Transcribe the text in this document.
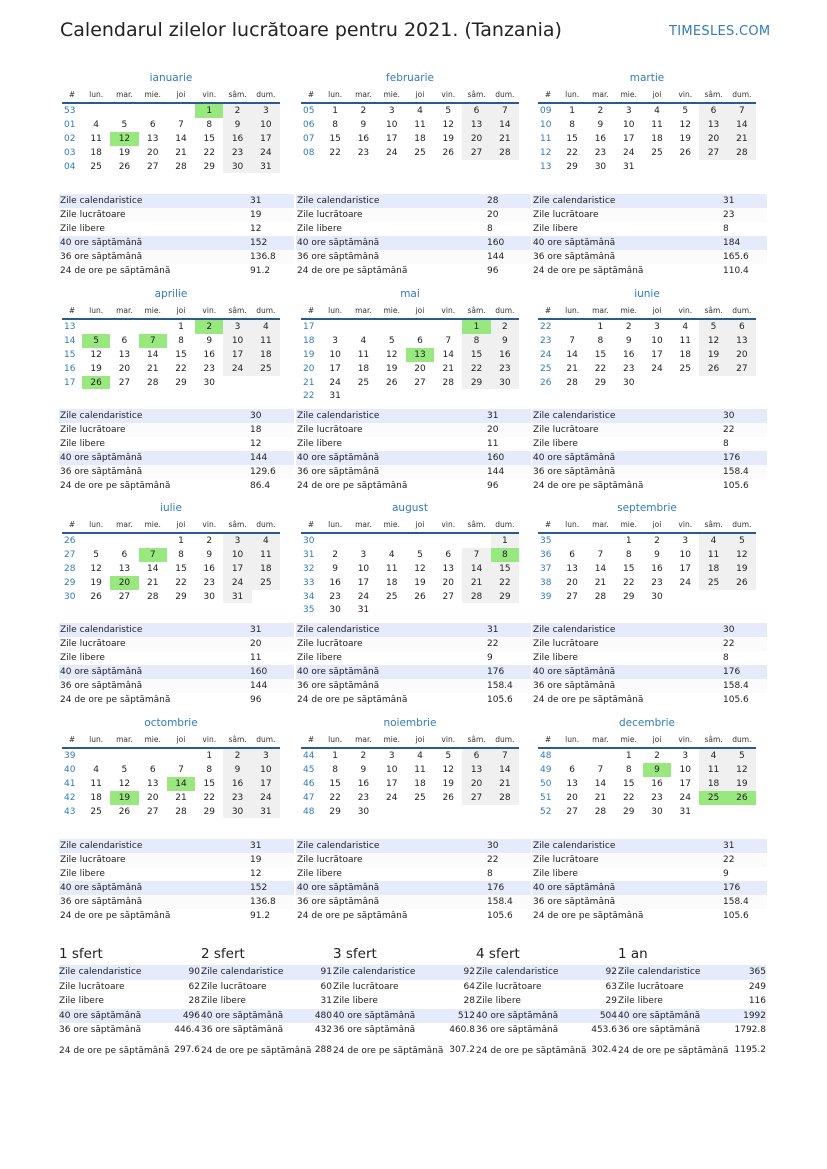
Calendarul zilelor lucrătoare pentru 2021. (Tanzania)	TIMESLES.COM
ianuarie
#	lun.	mar.	mie.	joi	vin.	sâm.	dum.
53					1	2	3
01	4	5	6	7	8	9	10
02	11	12	13	14	15	16	17
03	18	19	20	21	22	23	24
04	25	26	27	28	29	30	31
Zile calendaristice	31
Zile lucrătoare	19
Zile libere	12
40 ore săptămână	152
36 ore săptămână	136.8
24 de ore pe săptămână	91.2
februarie
#	lun.	mar.	mie.	joi	vin.	sâm.	dum.
05	1	2	3	4	5	6	7
06	8	9	10	11	12	13	14
07	15	16	17	18	19	20	21
08	22	23	24	25	26	27	28
Zile calendaristice	28
Zile lucrătoare	20
Zile libere	8
40 ore săptămână	160
36 ore săptămână	144
24 de ore pe săptămână	96
martie
#	lun.	mar.	mie.	joi	vin.	sâm.	dum.
09	1	2	3	4	5	6	7
10	8	9	10	11	12	13	14
11	15	16	17	18	19	20	21
12	22	23	24	25	26	27	28
13	29	30	31				
Zile calendaristice	31
Zile lucrătoare	23
Zile libere	8
40 ore săptămână	184
36 ore săptămână	165.6
24 de ore pe săptămână	110.4
aprilie
#	lun.	mar.	mie.	joi	vin.	sâm.	dum.
13				1	2	3	4
14	5	6	7	8	9	10	11
15	12	13	14	15	16	17	18
16	19	20	21	22	23	24	25
17	26	27	28	29	30		
Zile calendaristice	30
Zile lucrătoare	18
Zile libere	12
40 ore săptămână	144
36 ore săptămână	129.6
24 de ore pe săptămână	86.4
mai
#	lun.	mar.	mie.	joi	vin.	sâm.	dum.
17						1	2
18	3	4	5	6	7	8	9
19	10	11	12	13	14	15	16
20	17	18	19	20	21	22	23
21	24	25	26	27	28	29	30
22	31						
Zile calendaristice	31
Zile lucrătoare	20
Zile libere	11
40 ore săptămână	160
36 ore săptămână	144
24 de ore pe săptămână	96
iunie
#	lun.	mar.	mie.	joi	vin.	sâm.	dum.
22		1	2	3	4	5	6
23	7	8	9	10	11	12	13
24	14	15	16	17	18	19	20
25	21	22	23	24	25	26	27
26	28	29	30				
Zile calendaristice	30
Zile lucrătoare	22
Zile libere	8
40 ore săptămână	176
36 ore săptămână	158.4
24 de ore pe săptămână	105.6
iulie
#	lun.	mar.	mie.	joi	vin.	sâm.	dum.
26				1	2	3	4
27	5	6	7	8	9	10	11
28	12	13	14	15	16	17	18
29	19	20	21	22	23	24	25
30	26	27	28	29	30	31	
Zile calendaristice	31
Zile lucrătoare	20
Zile libere	11
40 ore săptămână	160
36 ore săptămână	144
24 de ore pe săptămână	96
august
#	lun.	mar.	mie.	joi	vin.	sâm.	dum.
30							1
31	2	3	4	5	6	7	8
32	9	10	11	12	13	14	15
33	16	17	18	19	20	21	22
34	23	24	25	26	27	28	29
35	30	31					
Zile calendaristice	31
Zile lucrătoare	22
Zile libere	9
40 ore săptămână	176
36 ore săptămână	158.4
24 de ore pe săptămână	105.6
septembrie
#	lun.	mar.	mie.	joi	vin.	sâm.	dum.
35			1	2	3	4	5
36	6	7	8	9	10	11	12
37	13	14	15	16	17	18	19
38	20	21	22	23	24	25	26
39	27	28	29	30			
Zile calendaristice	30
Zile lucrătoare	22
Zile libere	8
40 ore săptămână	176
36 ore săptămână	158.4
24 de ore pe săptămână	105.6
octombrie
#	lun.	mar.	mie.	joi	vin.	sâm.	dum.
39					1	2	3
40	4	5	6	7	8	9	10
41	11	12	13	14	15	16	17
42	18	19	20	21	22	23	24
43	25	26	27	28	29	30	31
Zile calendaristice	31
Zile lucrătoare	19
Zile libere	12
40 ore săptămână	152
36 ore săptămână	136.8
24 de ore pe săptămână	91.2
noiembrie
#	lun.	mar.	mie.	joi	vin.	sâm.	dum.
44	1	2	3	4	5	6	7
45	8	9	10	11	12	13	14
46	15	16	17	18	19	20	21
47	22	23	24	25	26	27	28
48	29	30					
Zile calendaristice	30
Zile lucrătoare	22
Zile libere	8
40 ore săptămână	176
36 ore săptămână	158.4
24 de ore pe săptămână	105.6
decembrie
#	lun.	mar.	mie.	joi	vin.	sâm.	dum.
48			1	2	3	4	5
49	6	7	8	9	10	11	12
50	13	14	15	16	17	18	19
51	20	21	22	23	24	25	26
52	27	28	29	30	31		
Zile calendaristice	31
Zile lucrătoare	22
Zile libere	9
40 ore săptămână	176
36 ore săptămână	158.4
24 de ore pe săptămână	105.6
1 sfert
Zile calendaristice	90
Zile lucrătoare	62
Zile libere	28
40 ore săptămână	496
36 ore săptămână	446.4
24 de ore pe săptămână 297.6
2 sfert
Zile calendaristice	91
Zile lucrătoare	60
Zile libere	31
40 ore săptămână	480
36 ore săptămână	432
24 de ore pe săptămână 288
3 sfert
Zile calendaristice	92
Zile lucrătoare	64
Zile libere	28
40 ore săptămână	512
36 ore săptămână	460.8
24 de ore pe săptămână 307.2
4 sfert
Zile calendaristice	92
Zile lucrătoare	63
Zile libere	29
40 ore săptămână	504
36 ore săptămână	453.6
24 de ore pe săptămână 302.4
1 an
Zile calendaristice	365
Zile lucrătoare	249
Zile libere	116
40 ore săptămână	1992
36 ore săptămână	1792.8
24 de ore pe săptămână 1195.2
